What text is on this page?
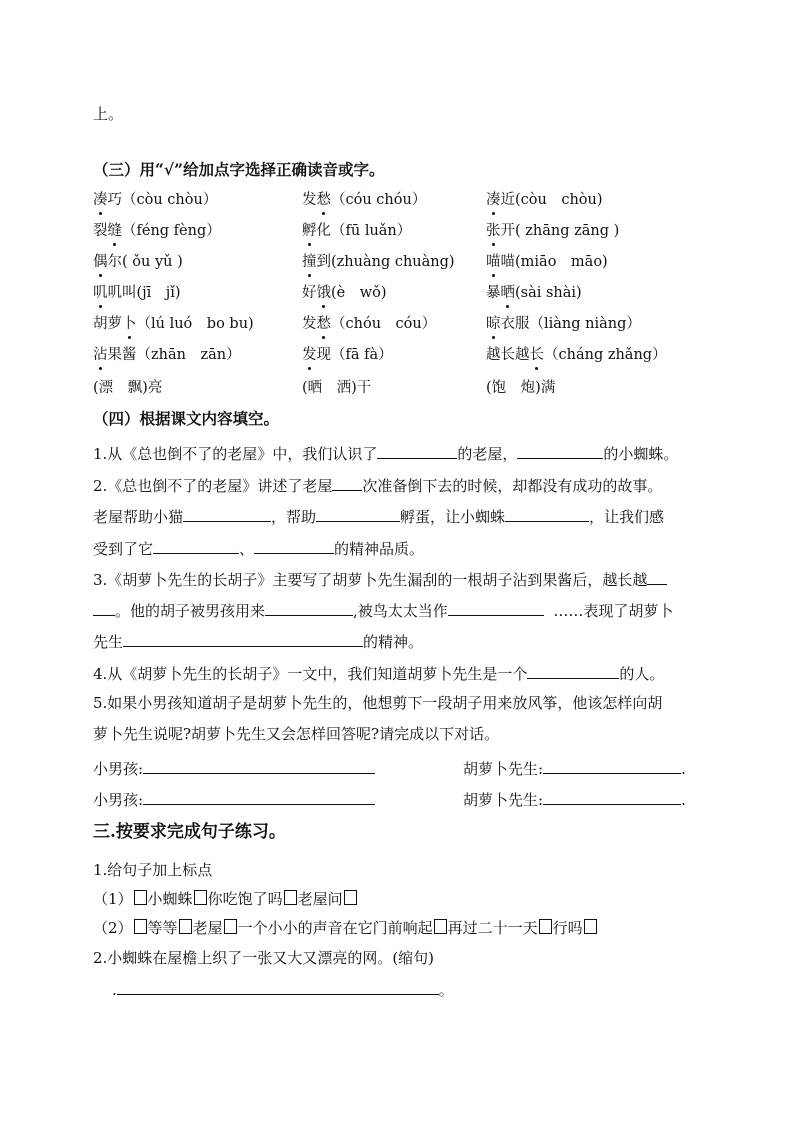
上。
（三）用“√”给加点字选择正确读音或字。
凑巧（còu chòu）	发愁（cóu chóu）	凑近(còu　chòu)
裂缝（féng fèng）	孵化（fū luǎn）	张开( zhāng zāng )
偶尔( ǒu yǔ )	撞到(zhuàng chuàng) 喵喵(miāo　māo)
叽叽叫(jī　jǐ)	好饿(è　wǒ)	暴晒(sài shài)
胡萝卜（lú luó　bo bu)	发愁（chóu　cóu）	晾衣服（liàng niàng）
沾果酱（zhān　zān）	发现（fā fà）	越长越长（cháng zhǎng）
(漂　飘)亮	(晒　洒)干	(饱　炮)满
（四）根据课文内容填空。
1.从《总也倒不了的老屋》中，我们认识了	的老屋，	的小蜘蛛。
2.《总也倒不了的老屋》讲述了老屋 次准备倒下去的时候，却都没有成功的故事。
老屋帮助小猫	，帮助	孵蛋，让小蜘蛛	，让我们感
受到了它	、	的精神品质。
3.《胡萝卜先生的长胡子》主要写了胡萝卜先生漏刮的一根胡子沾到果酱后，越长越
。他的胡子被男孩用来	,被鸟太太当作	……表现了胡萝卜
先生	的精神。
4.从《胡萝卜先生的长胡子》一文中，我们知道胡萝卜先生是一个	的人。
5.如果小男孩知道胡子是胡萝卜先生的，他想剪下一段胡子用来放风筝，他该怎样向胡
萝卜先生说呢?胡萝卜先生又会怎样回答呢?请完成以下对话。
小男孩:	胡萝卜先生:	.
小男孩:	胡萝卜先生:	.
三.按要求完成句子练习。
1.给句子加上标点
（1） 小蜘蛛 你吃饱了吗 老屋问
（2） 等等 老屋 一个小小的声音在它门前响起 再过二十一天 行吗
2.小蜘蛛在屋檐上织了一张又大又漂亮的网。(缩句)
.	。
